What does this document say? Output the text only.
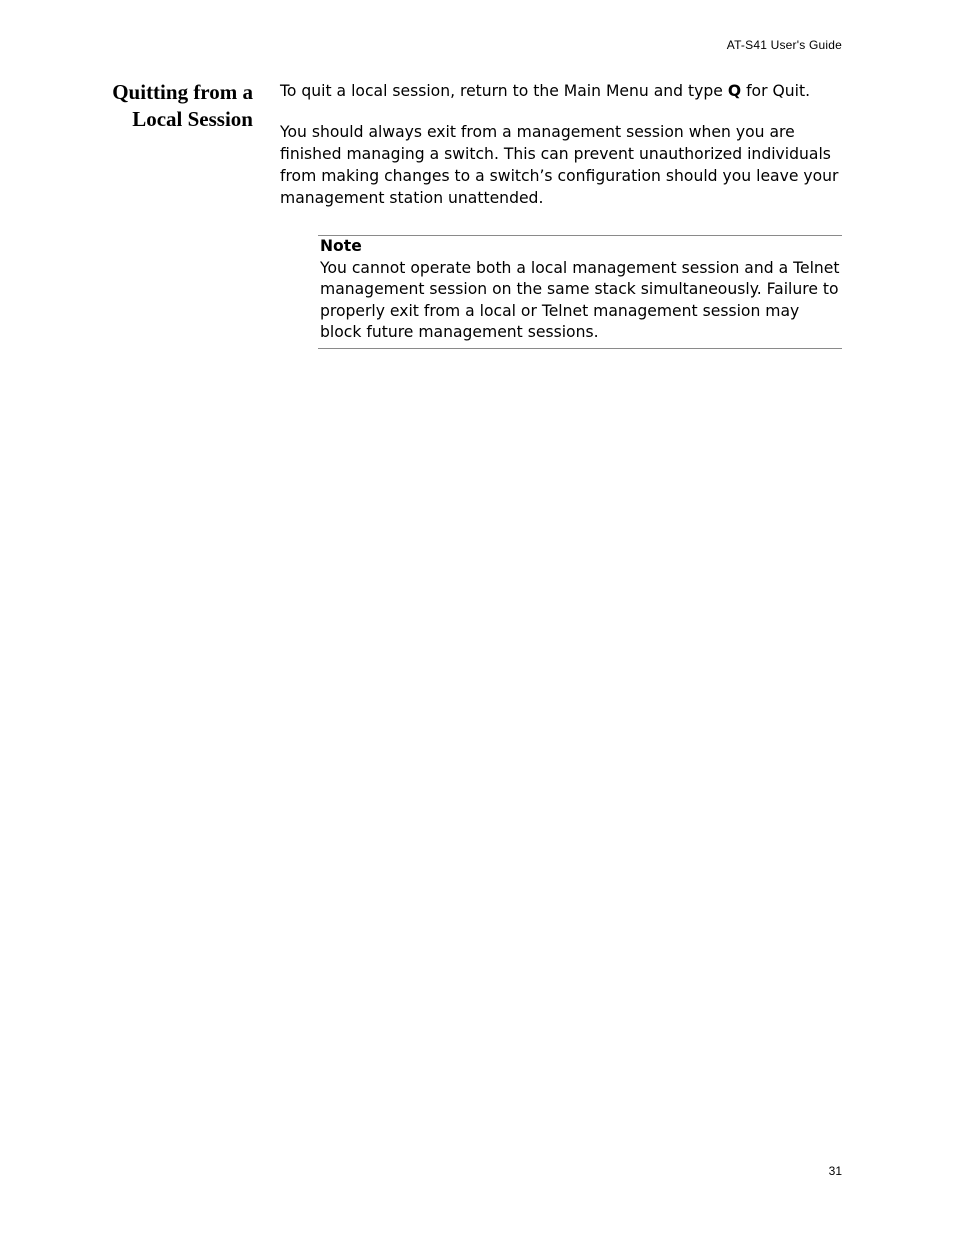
AT-S41 User's Guide
Quitting from a
Local Session

To quit a local session, return to the Main Menu and type Q for Quit.

You should always exit from a management session when you are finished managing a switch. This can prevent unauthorized individuals from making changes to a switch’s configuration should you leave your management station unattended.

Note
You cannot operate both a local management session and a Telnet management session on the same stack simultaneously. Failure to properly exit from a local or Telnet management session may block future management sessions.
31
